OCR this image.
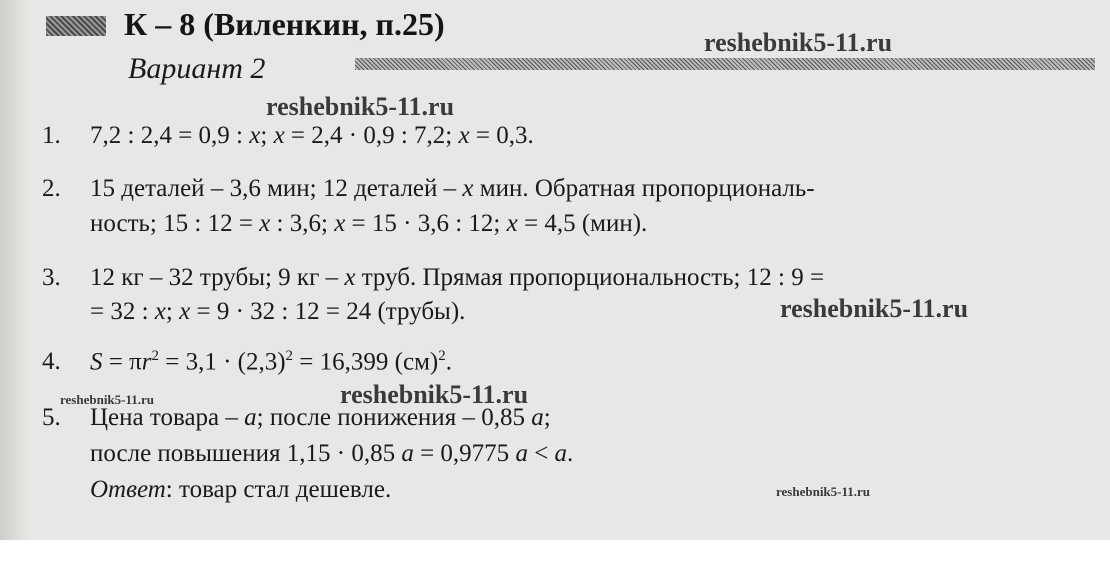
К – 8 (Виленкин, п.25)
Вариант 2
reshebnik5-11.ru
reshebnik5-11.ru
reshebnik5-11.ru
reshebnik5-11.ru
reshebnik5-11.ru
reshebnik5-11.ru
1. 7,2 : 2,4 = 0,9 : x; x = 2,4 · 0,9 : 7,2; x = 0,3.
2. 15 деталей – 3,6 мин; 12 деталей – x мин. Обратная пропорциональ-
ность; 15 : 12 = x : 3,6; x = 15 · 3,6 : 12; x = 4,5 (мин).
3. 12 кг – 32 трубы; 9 кг – x труб. Прямая пропорциональность; 12 : 9 =
= 32 : x; x = 9 · 32 : 12 = 24 (трубы).
4. $S = \pi r^2 = 3,1 \cdot (2,3)^2 = 16,399$ (см)$^2$.
5. Цена товара – a; после понижения – 0,85 a;
после повышения 1,15 · 0,85 a = 0,9775 a < a.
Ответ: товар стал дешевле.
